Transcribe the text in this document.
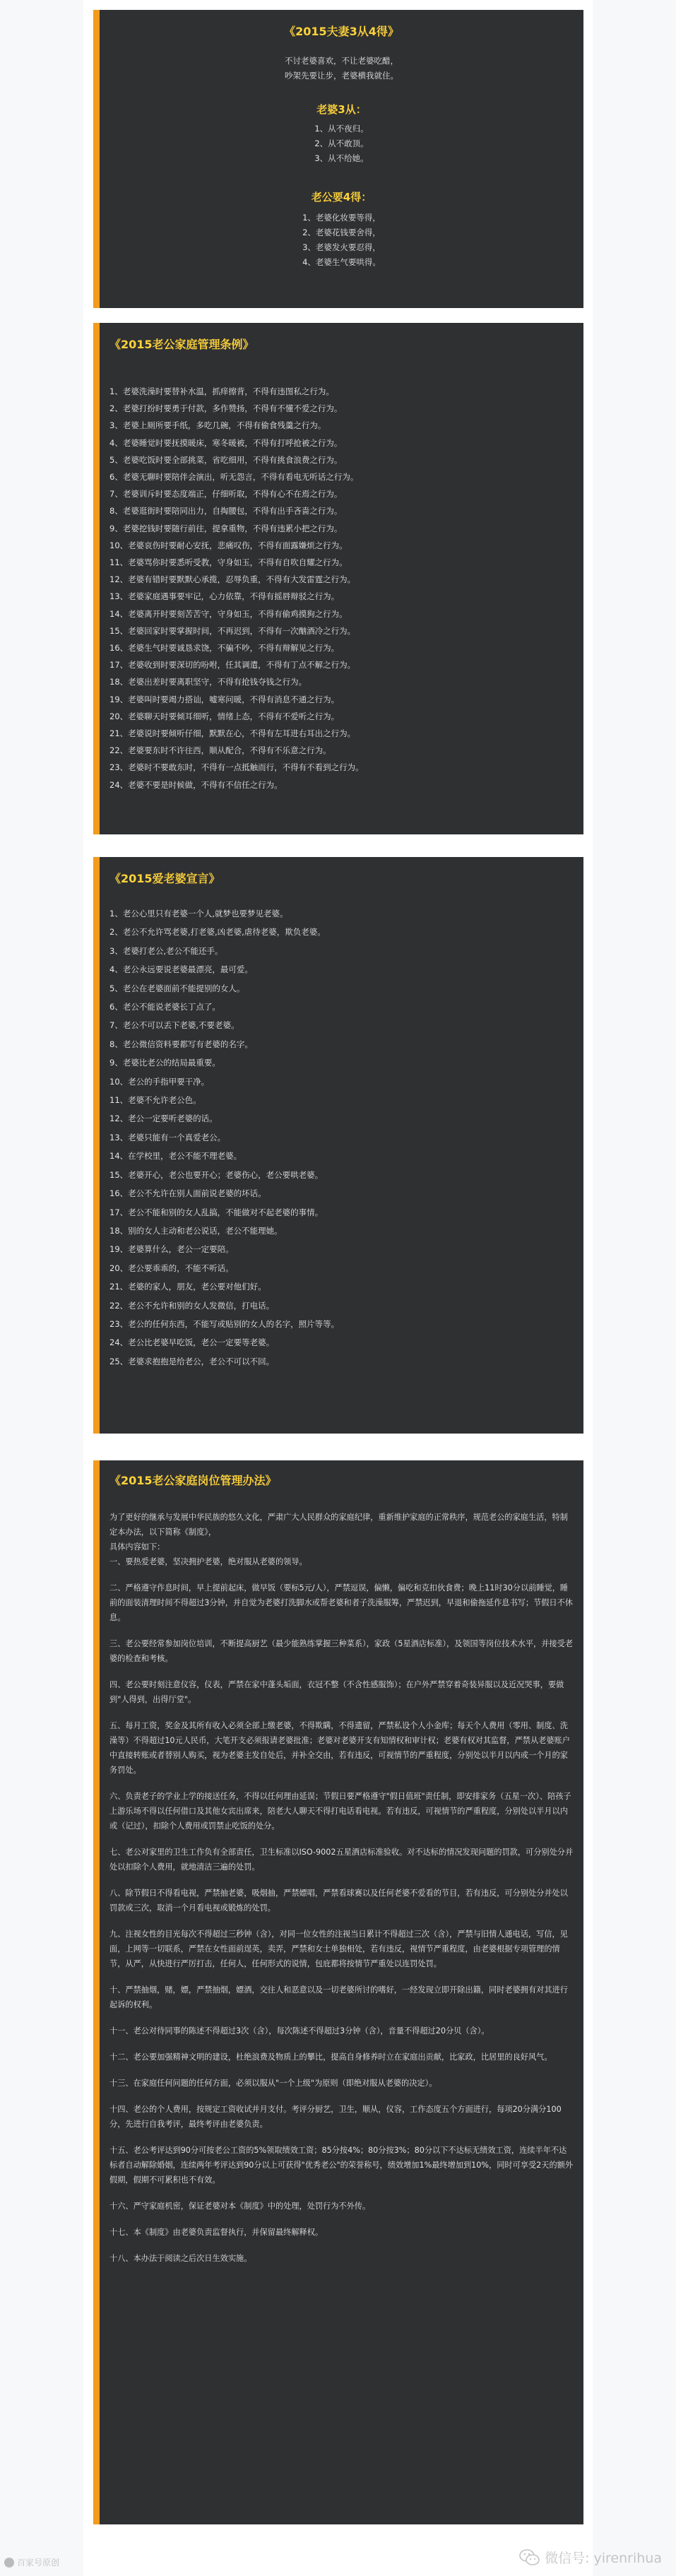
《2015夫妻3从4得》
不讨老婆喜欢，不让老婆吃醋，
吵架先要让步，老婆横我就住。
老婆3从：
1、从不夜归。
2、从不敢顶。
3、从不给她。
老公要4得：
1、老婆化妆要等得，
2、老婆花钱要舍得，
3、老婆发火要忍得，
4、老婆生气要哄得。
《2015老公家庭管理条例》
1、老婆洗澡时要替补水温，抓痒擦背，不得有违图私之行为。
2、老婆打扮时要勇于付款，多作赞扬，不得有不懂不爱之行为。
3、老婆上厕所要手纸，多吃几碗，不得有偷食残羹之行为。
4、老婆睡觉时要抚摸暖床，寒冬暖被，不得有打呼抢被之行为。
5、老婆吃饭时要全部挑菜，省吃细用，不得有挑食浪费之行为。
6、老婆无聊时要陪伴会演出，听无怨言，不得有看电无听话之行为。
7、老婆训斥时要态度端正，仔细听取，不得有心不在焉之行为。
8、老婆逛街时要陪同出力，自掏腰包，不得有出手吝啬之行为。
9、老婆挖钱时要随行前往，提拿重物，不得有违累小把之行为。
10、老婆哀伤时要耐心安抚，悲痛叹伤，不得有面露嫌烦之行为。
11、老婆骂你时要悉听受教，守身如玉，不得有自吹自耀之行为。
12、老婆有错时要默默心承揽，忍辱负重，不得有大发雷霆之行为。
13、老婆家庭遇事要牢记，心力依靠，不得有摇唇辩驳之行为。
14、老婆离开时要刻苦苦守，守身如玉，不得有偷鸡摸狗之行为。
15、老婆回家时要掌握时间，不再迟到，不得有一次酗酒冷之行为。
16、老婆生气时要诚恳求饶，不骗不吵，不得有辩解见之行为。
17、老婆收到时要深切的吩咐，任其调遣，不得有丁点不解之行为。
18、老婆出差时要离职坚守，不得有抢钱夺钱之行为。
19、老婆叫时要竭力搭讪，嘘寒问暖，不得有消息不通之行为。
20、老婆聊天时要倾耳细听，情绪上态，不得有不爱听之行为。
21、老婆说时要倾听仔细，默默在心，不得有左耳进右耳出之行为。
22、老婆要东时不许往西，顺从配合，不得有不乐意之行为。
23、老婆时不要敢东时，不得有一点抵触而行，不得有不看到之行为。
24、老婆不要是时候做，不得有不信任之行为。
《2015爱老婆宣言》
1、老公心里只有老婆一个人,就梦也要梦见老婆。
2、老公不允许骂老婆,打老婆,凶老婆,虐待老婆，欺负老婆。
3、老婆打老公,老公不能还手。
4、老公永远要说老婆最漂亮，最可爱。
5、老公在老婆面前不能提别的女人。
6、老公不能说老婆长丁点了。
7、老公不可以丢下老婆,不要老婆。
8、老公微信资料要都写有老婆的名字。
9、老婆比老公的结局最重要。
10、老公的手指甲要干净。
11、老婆不允许老公色。
12、老公一定要听老婆的话。
13、老婆只能有一个真爱老公。
14、在学校里，老公不能不理老婆。
15、老婆开心，老公也要开心；老婆伤心，老公要哄老婆。
16、老公不允许在别人面前说老婆的坏话。
17、老公不能和别的女人乱搞，不能做对不起老婆的事情。
18、别的女人主动和老公说话，老公不能理她。
19、老婆算什么，老公一定要陪。
20、老公要乖乖的，不能不听话。
21、老婆的家人，朋友，老公要对他们好。
22、老公不允许和别的女人发微信，打电话。
23、老公的任何东西，不能写或贴别的女人的名字，照片等等。
24、老公比老婆早吃饭，老公一定要等老婆。
25、老婆求抱抱是给老公，老公不可以不回。
《2015老公家庭岗位管理办法》

为了更好的继承与发展中华民族的悠久文化，严肃广大人民群众的家庭纪律，重新维护家庭的正常秩序，规范老公的家庭生活，特制定本办法，以下简称《制度》，

具体内容如下：

一、要热爱老婆，坚决拥护老婆，绝对服从老婆的领导。

二、严格遵守作息时间，早上提前起床，做早饭（要标5元/人），严禁逗误，偏懒，偏吃和克扣伙食费；晚上11时30分以前睡觉，睡前的面装清理时间不得超过3分钟，并自觉为老婆打洗脚水或帮老婆和者子洗澡服筹，严禁迟到，早退和偷拖延作息书写；节假日不休息。

三、老公要经常参加岗位培训，不断提高厨艺（最少能熟练掌握三种菜系），家政（5星酒店标准），及领国等岗位技术水平，并接受老婆的检查和考核。

四、老公要时刻注意仪容，仪表，严禁在家中蓬头垢面，衣冠不整（不含性感服饰）；在户外严禁穿着奇装异服以及近况哭事，要做到"人得到，出得厅堂"。

五、每月工资，奖金及其所有收入必须全部上缴老婆，不得欺瞒，不得遗留，严禁私设个人小金库；每天个人费用（零用、制度、洗澡等）不得超过10元人民币，大笔开支必须报请老婆批准；老婆对老婆开支有知情权和审计权；老婆有权对其监督，严禁从老婆账户中直接转账或者替别人购买，视为老婆主发自处后，并补全交由，若有违反，可视情节的严重程度，分别处以半月以内或一个月的家务罚处。

六、负责老子的学业上学的接送任务，不得以任何理由延误；节假日要严格遵守"假日值班"责任制，即安排家务（五星一次）、陪孩子上游乐场不得以任何借口及其他女宾出席来，陪老大人聊天不得打电话看电视。若有违反，可视情节的严重程度，分别处以半月以内或（记过），扣除个人费用或罚禁止吃饭的处分。

七、老公对家里的卫生工作负有全部责任，卫生标准以ISO-9002五星酒店标准验收。对不达标的情况发现问题的罚款，可分别处分并处以扣除个人费用，就地清洁三遍的处罚。

八、除节假日不得看电视，严禁抽老婆，吸烟抽，严禁嫖唱，严禁看球赛以及任何老婆不爱看的节目，若有违反，可分别处分并处以罚款或三次，取消一个月看电视或锻炼的处罚。

九、注视女性的目光每次不得超过三秒钟（含），对同一位女性的注视当日累计不得超过三次（含），严禁与旧情人通电话，写信，见面，上网等一切联系，严禁在女性面前逞英，卖弄，严禁和女士单独相处，若有违反，视情节严重程度，由老婆根据专项管理的情节，从严，从快进行严厉打击，任何人，任何形式的说情，包庇都将按情节严重处以连罚处罚。

十、严禁抽烟，赌，嫖，严禁抽烟，嫖酒，交往人和恶意以及一切老婆所讨的嗜好，一经发现立即开除出籍，同时老婆拥有对其进行起诉的权利。

十一、老公对待同事的陈述不得超过3次（含），每次陈述不得超过3分钟（含），音量不得超过20分贝（含）。

十二、老公要加强精神文明的建设，杜绝浪费及物质上的攀比，提高自身修养时立在家庭出贡献，比家政，比居里的良好风气。

十三、在家庭任何问题的任何方面，必须以服从"一个上级"为原则（即绝对服从老婆的决定）。

十四、老公的个人费用，按规定工资收试并月支付。考评分厨艺，卫生，顺从，仪容，工作态度五个方面进行，每项20分满分100分，先进行自我考评，最终考评由老婆负责。

十五、老公考评达到90分可按老公工资的5%领取绩效工资；85分按4%；80分按3%；80分以下不达标无绩效工资，连续半年不达标者自动解除婚姻，连续两年考评达到90分以上可获得"优秀老公"的荣誉称号，绩效增加1%最终增加到10%，同时可享受2天的额外假期，假期不可累积也不有效。

十六、严守家庭机密，保证老婆对本《制度》中的处理，处罚行为不外传。

十七、本《制度》由老婆负责监督执行，并保留最终解释权。

十八、本办法于阅读之后次日生效实施。

百家号原创	微信号: yirenrihua
